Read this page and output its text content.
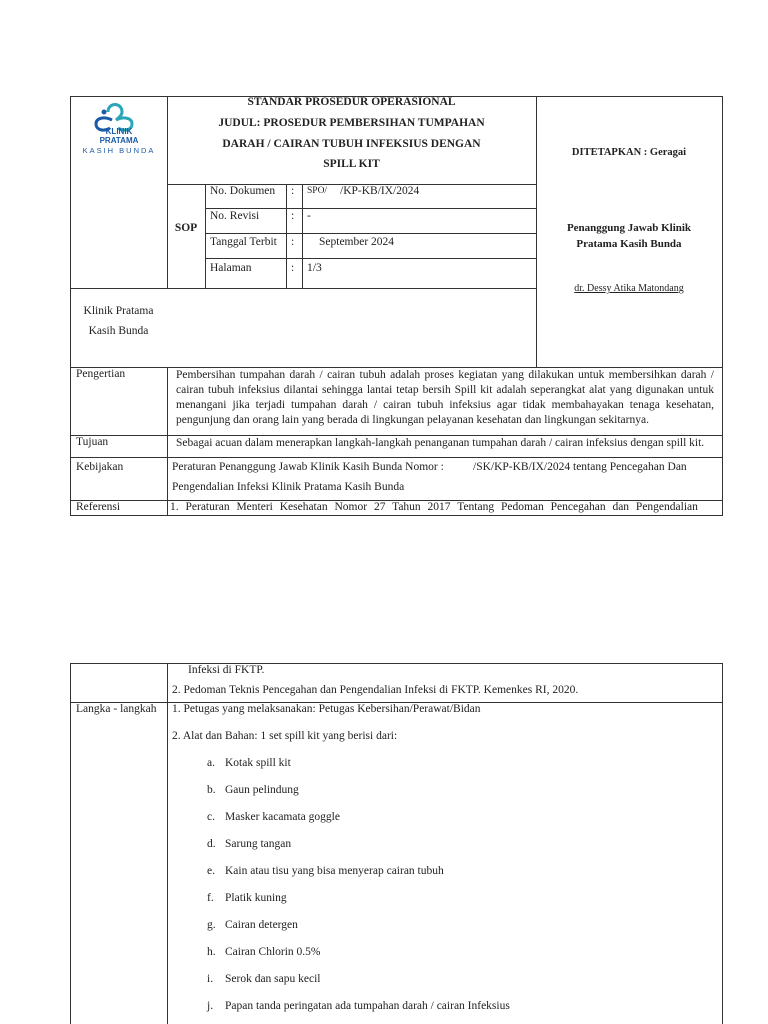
KLINIK
PRATAMA
KASIH BUNDA
STANDAR PROSEDUR OPERASIONAL
JUDUL: PROSEDUR PEMBERSIHAN TUMPAHAN
DARAH / CAIRAN TUBUH INFEKSIUS DENGAN
SPILL KIT
DITETAPKAN : Geragai
SOP
No. Dokumen : SPO/ /KP-KB/IX/2024
No. Revisi	: -
Tanggal Terbit : September 2024
Halaman	: 1/3
Penanggung Jawab Klinik
Pratama Kasih Bunda
dr. Dessy Atika Matondang
Klinik Pratama
Kasih Bunda
Pengertian	Pembersihan tumpahan darah / cairan tubuh adalah proses kegiatan yang dilakukan untuk membersihkan darah / cairan tubuh infeksius dilantai sehingga lantai tetap bersih Spill kit adalah seperangkat alat yang digunakan untuk menangani jika terjadi tumpahan darah / cairan tubuh infeksius agar tidak membahayakan tenaga kesehatan, pengunjung dan orang lain yang berada di lingkungan pelayanan kesehatan dan lingkungan sekitarnya.
Tujuan	Sebagai acuan dalam menerapkan langkah-langkah penanganan tumpahan darah / cairan infeksius dengan spill kit.
Kebijakan	Peraturan Penanggung Jawab Klinik Kasih Bunda Nomor :	/SK/KP-KB/IX/2024 tentang Pencegahan Dan
Pengendalian Infeksi Klinik Pratama Kasih Bunda
Referensi	1. Peraturan Menteri Kesehatan Nomor 27 Tahun 2017 Tentang Pedoman Pencegahan dan Pengendalian
Infeksi di FKTP.
2. Pedoman Teknis Pencegahan dan Pengendalian Infeksi di FKTP. Kemenkes RI, 2020.
Langka - langkah 1. Petugas yang melaksanakan: Petugas Kebersihan/Perawat/Bidan
2. Alat dan Bahan: 1 set spill kit yang berisi dari:
a. Kotak spill kit
b. Gaun pelindung
c. Masker kacamata goggle
d. Sarung tangan
e. Kain atau tisu yang bisa menyerap cairan tubuh
f. Platik kuning
g. Cairan detergen
h. Cairan Chlorin 0.5%
i. Serok dan sapu kecil
j. Papan tanda peringatan ada tumpahan darah / cairan Infeksius
